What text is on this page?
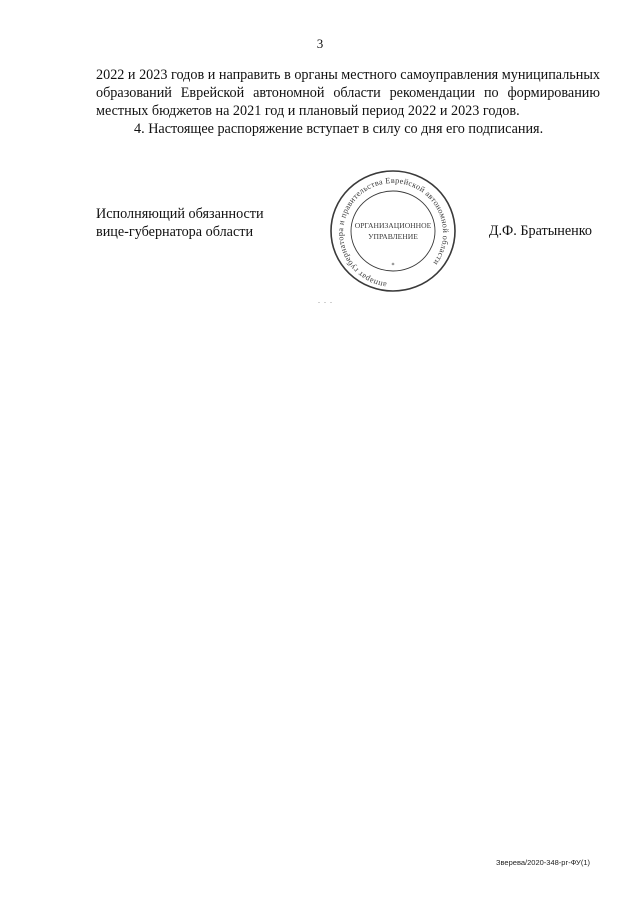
3

2022 и 2023 годов и направить в органы местного самоуправления муниципальных образований Еврейской автономной области рекомендации по формированию местных бюджетов на 2021 год и плановый период 2022 и 2023 годов.

4. Настоящее распоряжение вступает в силу со дня его подписания.

Исполняющий обязанности
вице-губернатора области	Д.Ф. Братыненко
аппарат губернатора и правительства Еврейской автономной области
ОРГАНИЗАЦИОННОЕ
УПРАВЛЕНИЕ
*
. . .
Зверева/2020-348-рг-ФУ(1)
